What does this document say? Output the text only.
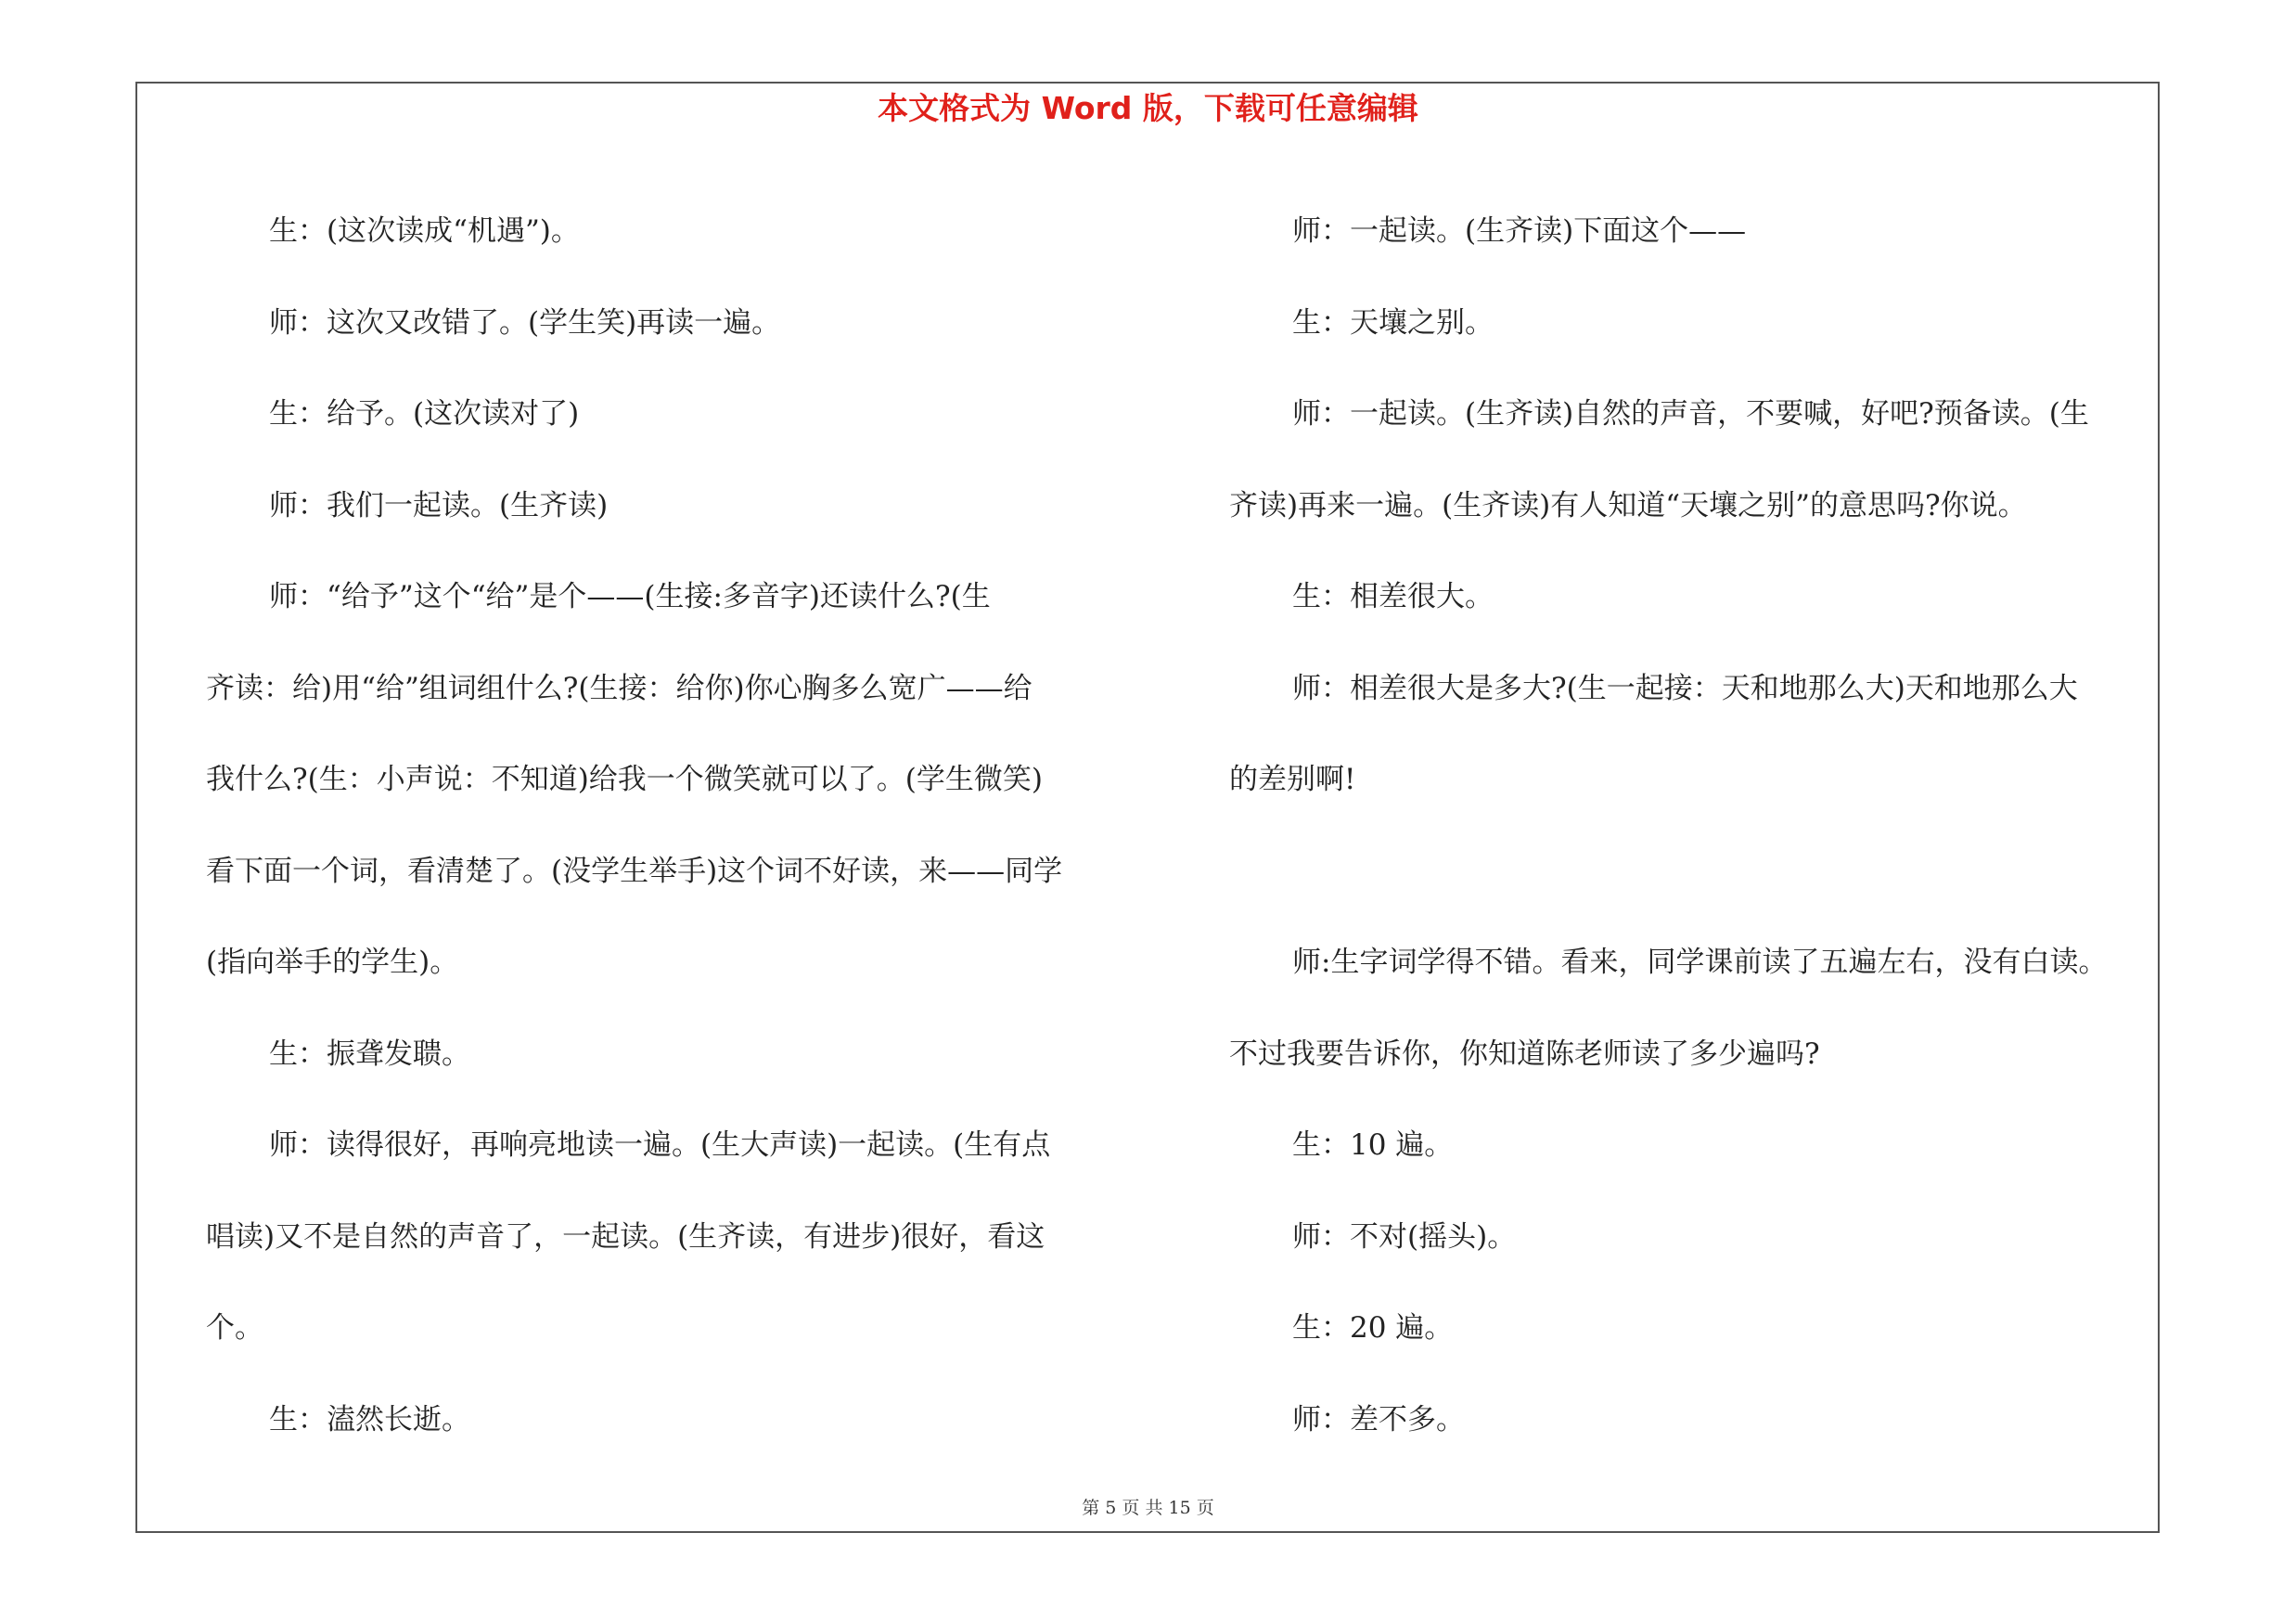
本文格式为 Word 版，下载可任意编辑

生：(这次读成“机遇”)。

师：这次又改错了。(学生笑)再读一遍。

生：给予。(这次读对了)

师：我们一起读。(生齐读)

师：“给予”这个“给”是个——(生接:多音字)还读什么?(生

齐读：给)用“给”组词组什么?(生接：给你)你心胸多么宽广——给

我什么?(生：小声说：不知道)给我一个微笑就可以了。(学生微笑)

看下面一个词，看清楚了。(没学生举手)这个词不好读，来——同学

(指向举手的学生)。

生：振聋发聩。

师：读得很好，再响亮地读一遍。(生大声读)一起读。(生有点

唱读)又不是自然的声音了，一起读。(生齐读，有进步)很好，看这

个。

生：溘然长逝。

师：一起读。(生齐读)下面这个——

生：天壤之别。

师：一起读。(生齐读)自然的声音，不要喊，好吧?预备读。(生

齐读)再来一遍。(生齐读)有人知道“天壤之别”的意思吗?你说。

生：相差很大。

师：相差很大是多大?(生一起接：天和地那么大)天和地那么大

的差别啊!

师:生字词学得不错。看来，同学课前读了五遍左右，没有白读。

不过我要告诉你，你知道陈老师读了多少遍吗?

生：10 遍。

师：不对(摇头)。

生：20 遍。

师：差不多。

第 5 页 共 15 页
